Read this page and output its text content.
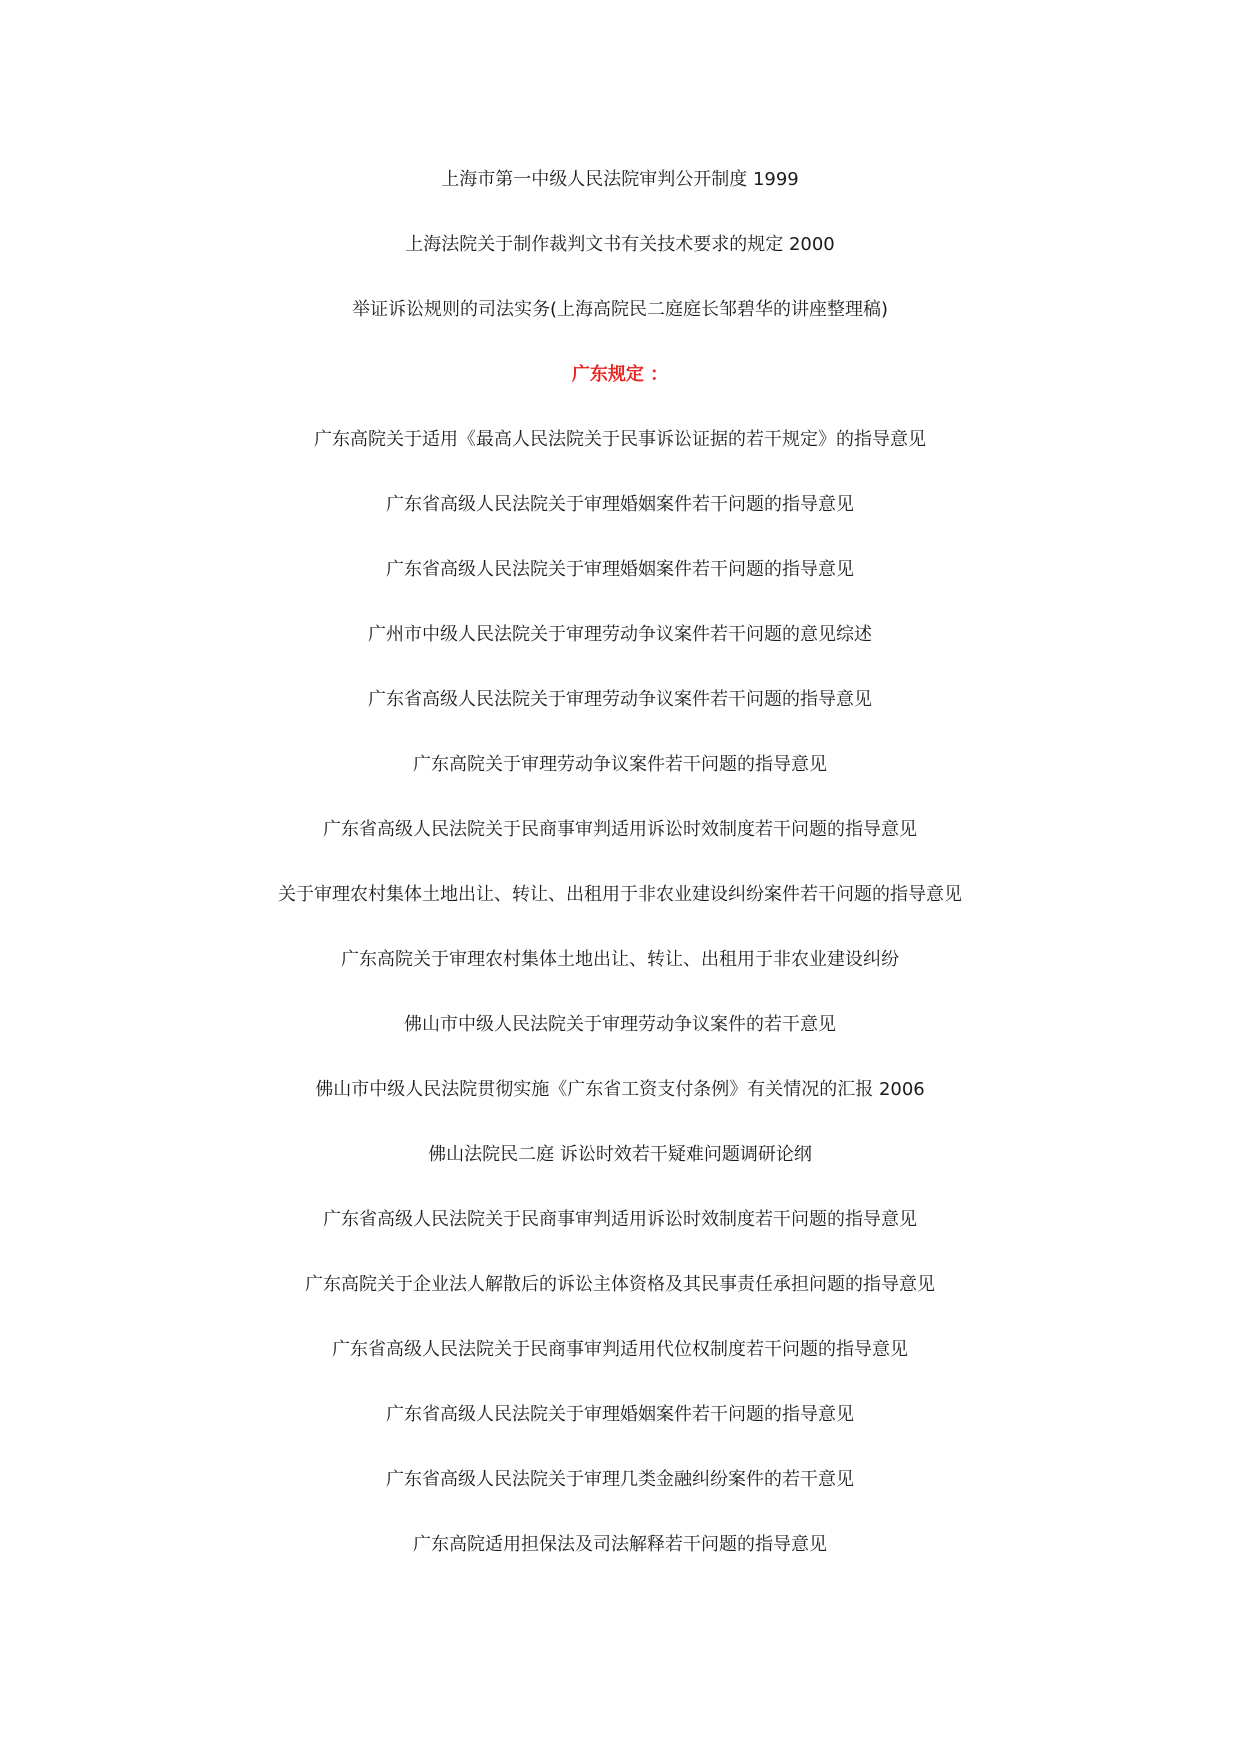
上海市第一中级人民法院审判公开制度 1999
上海法院关于制作裁判文书有关技术要求的规定 2000
举证诉讼规则的司法实务(上海高院民二庭庭长邹碧华的讲座整理稿)
广东规定 ：
广东高院关于适用《最高人民法院关于民事诉讼证据的若干规定》的指导意见
广东省高级人民法院关于审理婚姻案件若干问题的指导意见
广东省高级人民法院关于审理婚姻案件若干问题的指导意见
广州市中级人民法院关于审理劳动争议案件若干问题的意见综述
广东省高级人民法院关于审理劳动争议案件若干问题的指导意见
广东高院关于审理劳动争议案件若干问题的指导意见
广东省高级人民法院关于民商事审判适用诉讼时效制度若干问题的指导意见
关于审理农村集体土地出让、转让、出租用于非农业建设纠纷案件若干问题的指导意见
广东高院关于审理农村集体土地出让、转让、出租用于非农业建设纠纷
佛山市中级人民法院关于审理劳动争议案件的若干意见
佛山市中级人民法院贯彻实施《广东省工资支付条例》有关情况的汇报 2006
佛山法院民二庭 诉讼时效若干疑难问题调研论纲
广东省高级人民法院关于民商事审判适用诉讼时效制度若干问题的指导意见
广东高院关于企业法人解散后的诉讼主体资格及其民事责任承担问题的指导意见
广东省高级人民法院关于民商事审判适用代位权制度若干问题的指导意见
广东省高级人民法院关于审理婚姻案件若干问题的指导意见
广东省高级人民法院关于审理几类金融纠纷案件的若干意见
广东高院适用担保法及司法解释若干问题的指导意见
